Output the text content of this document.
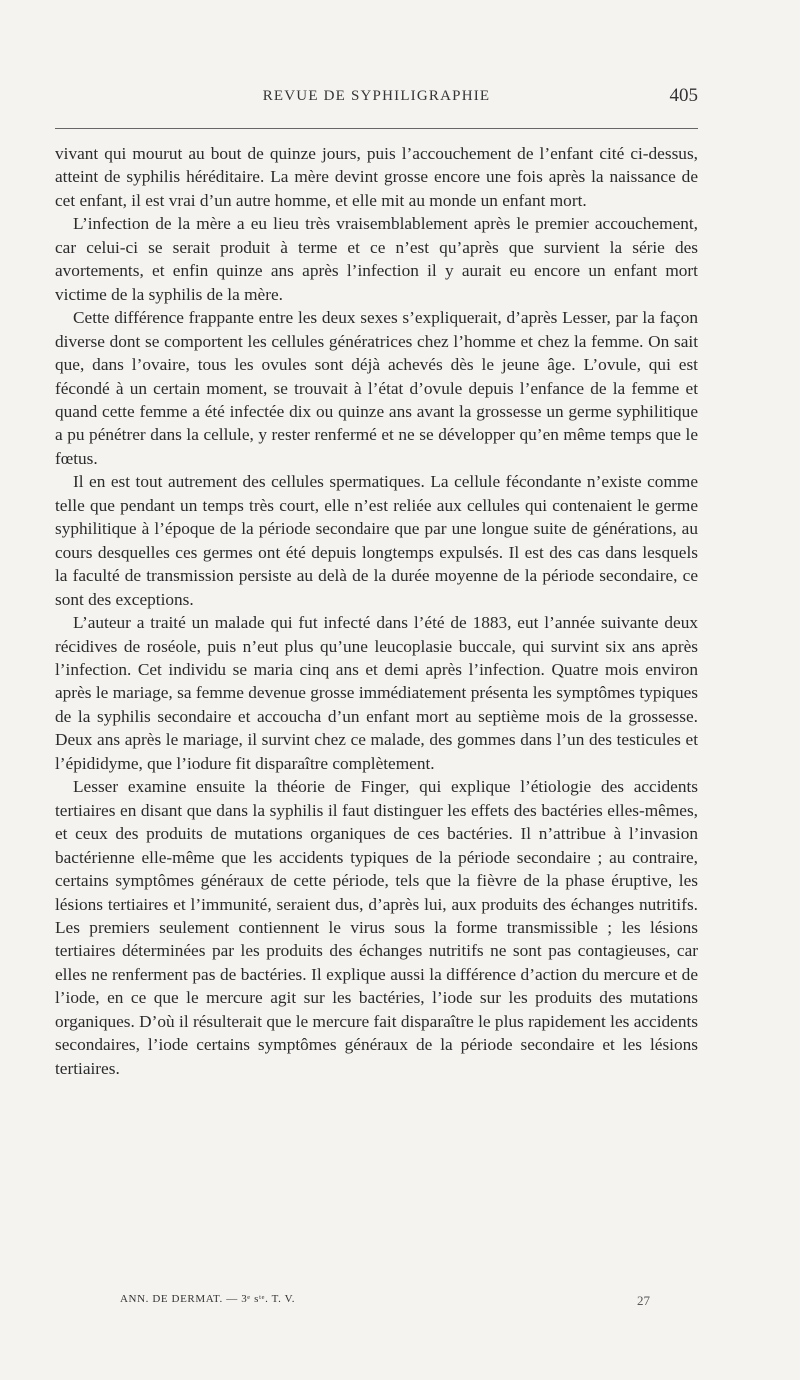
REVUE DE SYPHILIGRAPHIE	405

vivant qui mourut au bout de quinze jours, puis l’accouchement de l’enfant cité ci-dessus, atteint de syphilis héréditaire. La mère devint grosse encore une fois après la naissance de cet enfant, il est vrai d’un autre homme, et elle mit au monde un enfant mort.

L’infection de la mère a eu lieu très vraisemblablement après le premier accouchement, car celui-ci se serait produit à terme et ce n’est qu’après que survient la série des avortements, et enfin quinze ans après l’infection il y aurait eu encore un enfant mort victime de la syphilis de la mère.

Cette différence frappante entre les deux sexes s’expliquerait, d’après Lesser, par la façon diverse dont se comportent les cellules génératrices chez l’homme et chez la femme. On sait que, dans l’ovaire, tous les ovules sont déjà achevés dès le jeune âge. L’ovule, qui est fécondé à un certain moment, se trouvait à l’état d’ovule depuis l’enfance de la femme et quand cette femme a été infectée dix ou quinze ans avant la grossesse un germe syphilitique a pu pénétrer dans la cellule, y rester renfermé et ne se développer qu’en même temps que le fœtus.

Il en est tout autrement des cellules spermatiques. La cellule fécondante n’existe comme telle que pendant un temps très court, elle n’est reliée aux cellules qui contenaient le germe syphilitique à l’époque de la période secondaire que par une longue suite de générations, au cours desquelles ces germes ont été depuis longtemps expulsés. Il est des cas dans lesquels la faculté de transmission persiste au delà de la durée moyenne de la période secondaire, ce sont des exceptions.

L’auteur a traité un malade qui fut infecté dans l’été de 1883, eut l’année suivante deux récidives de roséole, puis n’eut plus qu’une leucoplasie buccale, qui survint six ans après l’infection. Cet individu se maria cinq ans et demi après l’infection. Quatre mois environ après le mariage, sa femme devenue grosse immédiatement présenta les symptômes typiques de la syphilis secondaire et accoucha d’un enfant mort au septième mois de la grossesse. Deux ans après le mariage, il survint chez ce malade, des gommes dans l’un des testicules et l’épididyme, que l’iodure fit disparaître complètement.

Lesser examine ensuite la théorie de Finger, qui explique l’étiologie des accidents tertiaires en disant que dans la syphilis il faut distinguer les effets des bactéries elles-mêmes, et ceux des produits de mutations organiques de ces bactéries. Il n’attribue à l’invasion bactérienne elle-même que les accidents typiques de la période secondaire ; au contraire, certains symptômes généraux de cette période, tels que la fièvre de la phase éruptive, les lésions tertiaires et l’immunité, seraient dus, d’après lui, aux produits des échanges nutritifs. Les premiers seulement contiennent le virus sous la forme transmissible ; les lésions tertiaires déterminées par les produits des échanges nutritifs ne sont pas contagieuses, car elles ne renferment pas de bactéries. Il explique aussi la différence d’action du mercure et de l’iode, en ce que le mercure agit sur les bactéries, l’iode sur les produits des mutations organiques. D’où il résulterait que le mercure fait disparaître le plus rapidement les accidents secondaires, l’iode certains symptômes généraux de la période secondaire et les lésions tertiaires.

ANN. DE DERMAT. — 3ᵉ sᵗᵉ. T. V.	27
